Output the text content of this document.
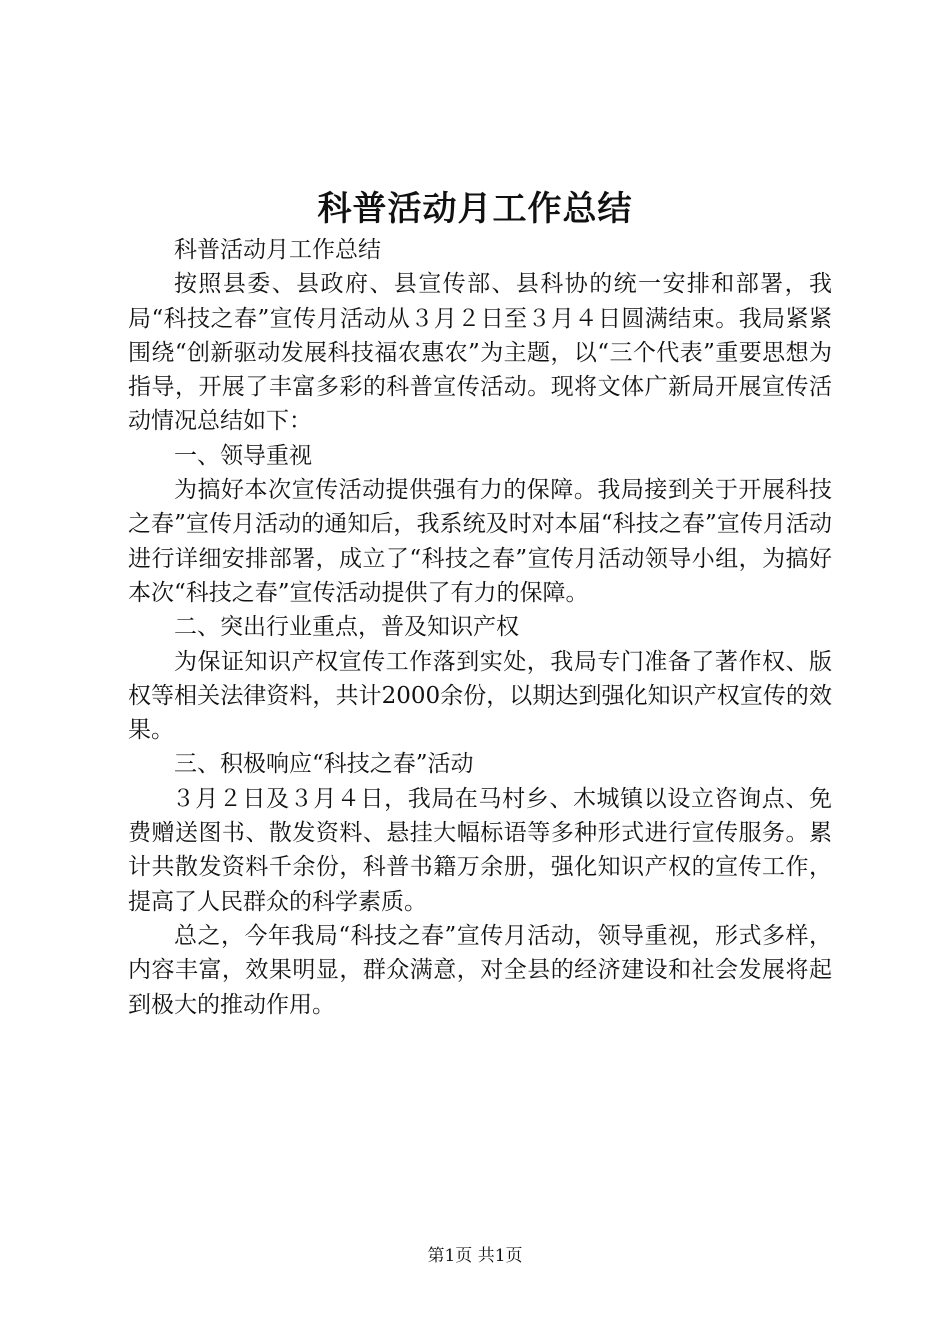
科普活动月工作总结

科普活动月工作总结

按照县委、县政府、县宣传部、县科协的统一安排和部署，我局“科技之春”宣传月活动从３月２日至３月４日圆满结束。我局紧紧围绕“创新驱动发展科技福农惠农”为主题，以“三个代表”重要思想为指导，开展了丰富多彩的科普宣传活动。现将文体广新局开展宣传活动情况总结如下：

一、领导重视

为搞好本次宣传活动提供强有力的保障。我局接到关于开展科技之春”宣传月活动的通知后，我系统及时对本届“科技之春”宣传月活动进行详细安排部署，成立了“科技之春”宣传月活动领导小组，为搞好本次“科技之春”宣传活动提供了有力的保障。

二、突出行业重点，普及知识产权

为保证知识产权宣传工作落到实处，我局专门准备了著作权、版权等相关法律资料，共计2000余份，以期达到强化知识产权宣传的效果。

三、积极响应“科技之春”活动

３月２日及３月４日，我局在马村乡、木城镇以设立咨询点、免费赠送图书、散发资料、悬挂大幅标语等多种形式进行宣传服务。累计共散发资料千余份，科普书籍万余册，强化知识产权的宣传工作，提高了人民群众的科学素质。

总之，今年我局“科技之春”宣传月活动，领导重视，形式多样，内容丰富，效果明显，群众满意，对全县的经济建设和社会发展将起到极大的推动作用。

第1页 共1页
